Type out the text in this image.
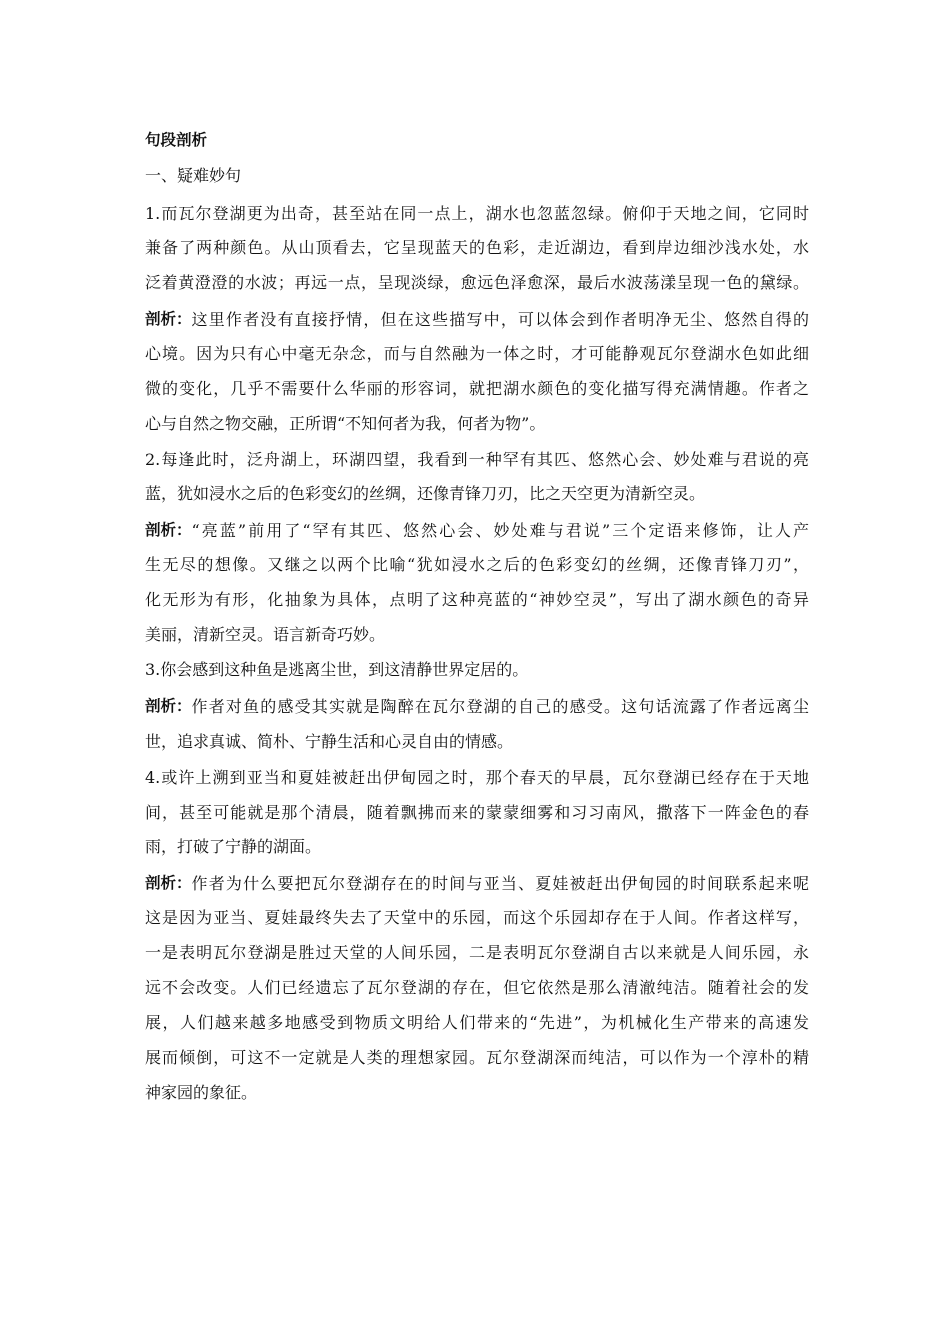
句段剖析
一、疑难妙句
1.而瓦尔登湖更为出奇，甚至站在同一点上，湖水也忽蓝忽绿。俯仰于天地之间，它同时
兼备了两种颜色。从山顶看去，它呈现蓝天的色彩，走近湖边，看到岸边细沙浅水处，水
泛着黄澄澄的水波；再远一点，呈现淡绿，愈远色泽愈深，最后水波荡漾呈现一色的黛绿。
剖析： 这里作者没有直接抒情，但在这些描写中，可以体会到作者明净无尘、悠然自得的
心境。因为只有心中毫无杂念，而与自然融为一体之时，才可能静观瓦尔登湖水色如此细
微的变化，几乎不需要什么华丽的形容词，就把湖水颜色的变化描写得充满情趣。作者之
心与自然之物交融，正所谓“不知何者为我，何者为物”。
2.每逢此时，泛舟湖上，环湖四望，我看到一种罕有其匹、悠然心会、妙处难与君说的亮
蓝，犹如浸水之后的色彩变幻的丝绸，还像青锋刀刃，比之天空更为清新空灵。
剖析： “亮蓝”前用了“罕有其匹、悠然心会、妙处难与君说”三个定语来修饰，让人产
生无尽的想像。又继之以两个比喻“犹如浸水之后的色彩变幻的丝绸，还像青锋刀刃”，
化无形为有形，化抽象为具体，点明了这种亮蓝的“神妙空灵”，写出了湖水颜色的奇异
美丽，清新空灵。语言新奇巧妙。
3.你会感到这种鱼是逃离尘世，到这清静世界定居的。
剖析： 作者对鱼的感受其实就是陶醉在瓦尔登湖的自己的感受。这句话流露了作者远离尘
世，追求真诚、简朴、宁静生活和心灵自由的情感。
4.或许上溯到亚当和夏娃被赶出伊甸园之时，那个春天的早晨，瓦尔登湖已经存在于天地
间，甚至可能就是那个清晨，随着飘拂而来的蒙蒙细雾和习习南风，撒落下一阵金色的春
雨，打破了宁静的湖面。
剖析： 作者为什么要把瓦尔登湖存在的时间与亚当、夏娃被赶出伊甸园的时间联系起来呢
这是因为亚当、夏娃最终失去了天堂中的乐园，而这个乐园却存在于人间。作者这样写，
一是表明瓦尔登湖是胜过天堂的人间乐园，二是表明瓦尔登湖自古以来就是人间乐园，永
远不会改变。人们已经遗忘了瓦尔登湖的存在，但它依然是那么清澈纯洁。随着社会的发
展，人们越来越多地感受到物质文明给人们带来的“先进”，为机械化生产带来的高速发
展而倾倒，可这不一定就是人类的理想家园。瓦尔登湖深而纯洁，可以作为一个淳朴的精
神家园的象征。
